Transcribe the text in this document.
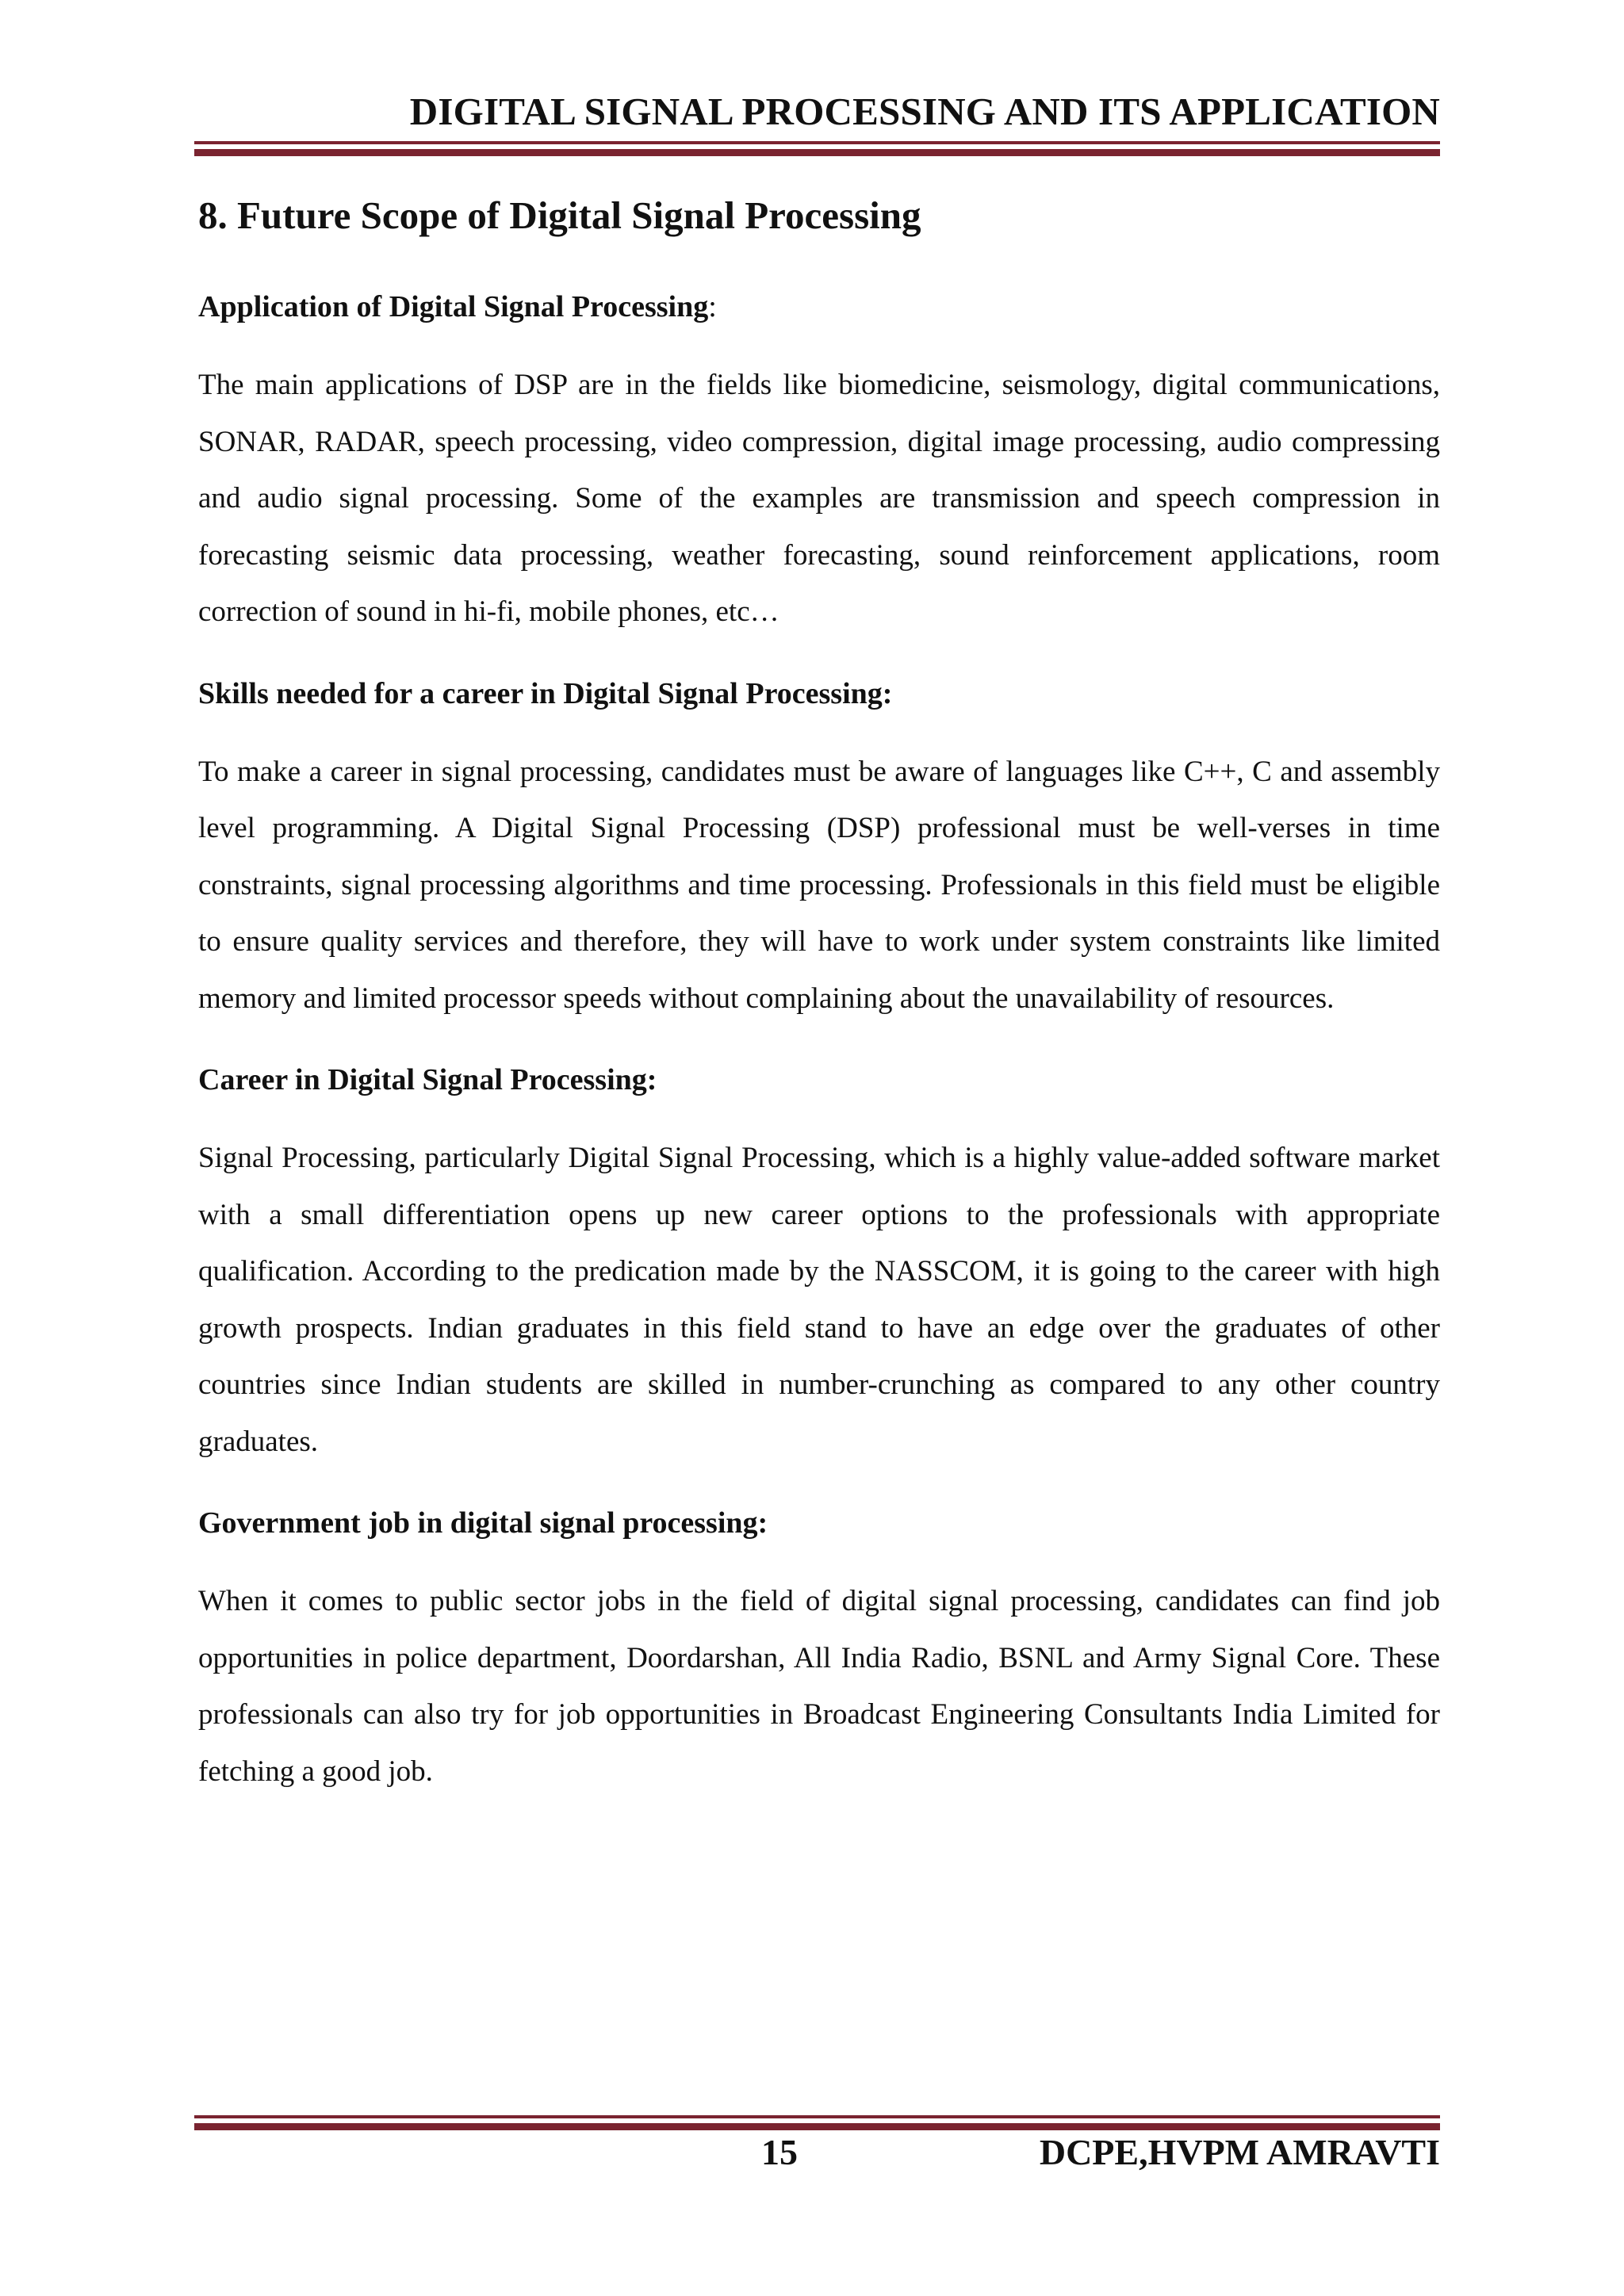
DIGITAL SIGNAL PROCESSING AND ITS APPLICATION
8. Future Scope of Digital Signal Processing
Application of Digital Signal Processing:

The main applications of DSP are in the fields like biomedicine, seismology, digital communications, SONAR, RADAR, speech processing, video compression, digital image processing, audio compressing and audio signal processing. Some of the examples are transmission and speech compression in forecasting seismic data processing, weather forecasting, sound reinforcement applications, room correction of sound in hi-fi, mobile phones, etc…

Skills needed for a career in Digital Signal Processing:

To make a career in signal processing, candidates must be aware of languages like C++, C and assembly level programming. A Digital Signal Processing (DSP) professional must be well-verses in time constraints, signal processing algorithms and time processing. Professionals in this field must be eligible to ensure quality services and therefore, they will have to work under system constraints like limited memory and limited processor speeds without complaining about the unavailability of resources.

Career in Digital Signal Processing:

Signal Processing, particularly Digital Signal Processing, which is a highly value-added software market with a small differentiation opens up new career options to the professionals with appropriate qualification. According to the predication made by the NASSCOM, it is going to the career with high growth prospects. Indian graduates in this field stand to have an edge over the graduates of other countries since Indian students are skilled in number-crunching as compared to any other country graduates.

Government job in digital signal processing:

When it comes to public sector jobs in the field of digital signal processing, candidates can find job opportunities in police department, Doordarshan, All India Radio, BSNL and Army Signal Core. These professionals can also try for job opportunities in Broadcast Engineering Consultants India Limited for fetching a good job.

15	DCPE,HVPM AMRAVTI
